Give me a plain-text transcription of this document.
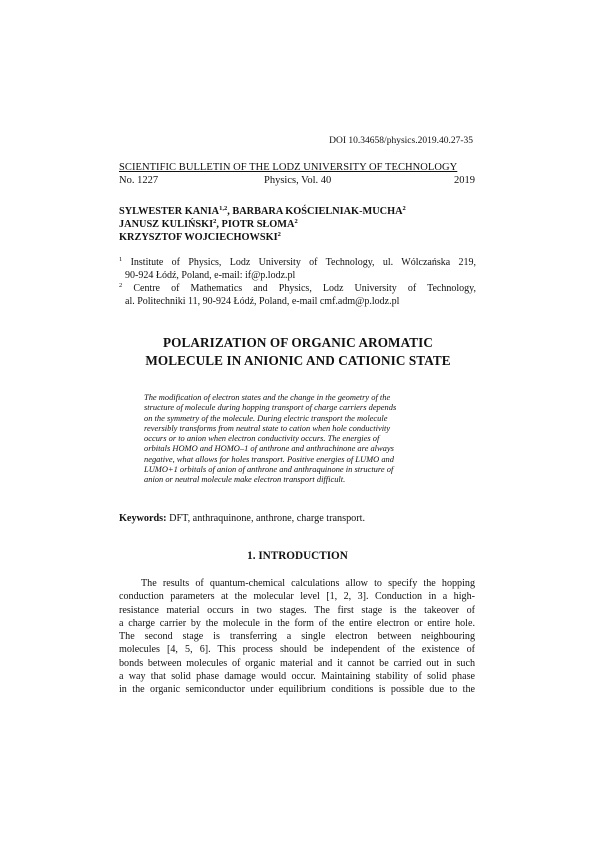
DOI 10.34658/physics.2019.40.27-35
SCIENTIFIC BULLETIN OF THE LODZ UNIVERSITY OF TECHNOLOGY
No. 1227	Physics, Vol. 40	2019
SYLWESTER KANIA$^{1,2}$, BARBARA KOŚCIELNIAK-MUCHA$^2$
JANUSZ KULIŃSKI$^2$, PIOTR SŁOMA$^2$
KRZYSZTOF WOJCIECHOWSKI$^2$
$^1$ Institute of Physics, Lodz University of Technology, ul. Wólczańska 219,
90-924 Łódź, Poland, e-mail: if@p.lodz.pl
$^2$ Centre of Mathematics and Physics, Lodz University of Technology,
al. Politechniki 11, 90-924 Łódź, Poland, e-mail cmf.adm@p.lodz.pl
POLARIZATION OF ORGANIC AROMATIC
MOLECULE IN ANIONIC AND CATIONIC STATE
The modification of electron states and the change in the geometry of the
structure of molecule during hopping transport of charge carriers depends
on the symmetry of the molecule. During electric transport the molecule
reversibly transforms from neutral state to cation when hole conductivity
occurs or to anion when electron conductivity occurs. The energies of
orbitals HOMO and HOMO–1 of anthrone and anthrachinone are always
negative, what allows for holes transport. Positive energies of LUMO and
LUMO+1 orbitals of anion of anthrone and anthraquinone in structure of
anion or neutral molecule make electron transport difficult.
Keywords: DFT, anthraquinone, anthrone, charge transport.
1. INTRODUCTION
The results of quantum-chemical calculations allow to specify the hopping
conduction parameters at the molecular level [1, 2, 3]. Conduction in a high-
resistance material occurs in two stages. The first stage is the takeover of
a charge carrier by the molecule in the form of the entire electron or entire hole.
The second stage is transferring a single electron between neighbouring
molecules [4, 5, 6]. This process should be independent of the existence of
bonds between molecules of organic material and it cannot be carried out in such
a way that solid phase damage would occur. Maintaining stability of solid phase
in the organic semiconductor under equilibrium conditions is possible due to the
